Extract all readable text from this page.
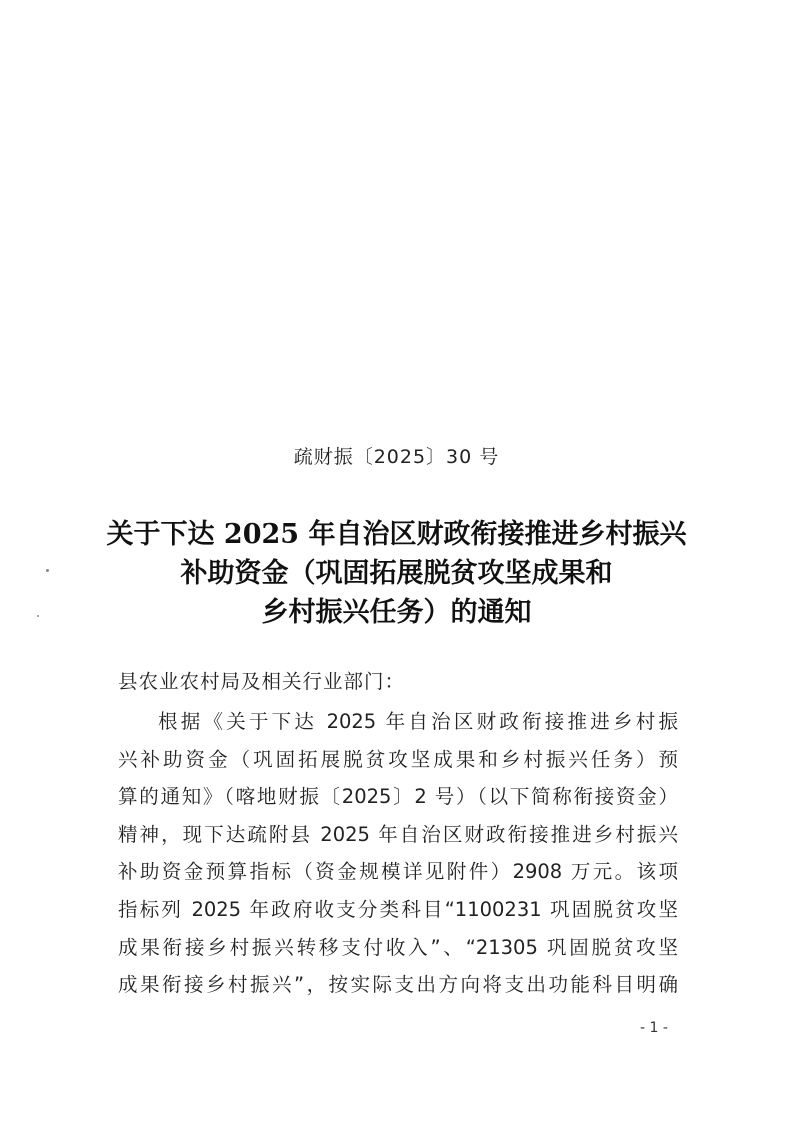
疏财振〔2025〕30 号
关于下达 2025 年自治区财政衔接推进乡村振兴
补助资金（巩固拓展脱贫攻坚成果和
乡村振兴任务）的通知
县农业农村局及相关行业部门：
根据《关于下达 2025 年自治区财政衔接推进乡村振
兴补助资金（巩固拓展脱贫攻坚成果和乡村振兴任务）预
算的通知》（喀地财振〔2025〕2 号）（以下简称衔接资金）
精神，现下达疏附县 2025 年自治区财政衔接推进乡村振兴
补助资金预算指标（资金规模详见附件）2908 万元。该项
指标列 2025 年政府收支分类科目“1100231 巩固脱贫攻坚
成果衔接乡村振兴转移支付收入”、“21305 巩固脱贫攻坚
成果衔接乡村振兴”，按实际支出方向将支出功能科目明确
- 1 -
